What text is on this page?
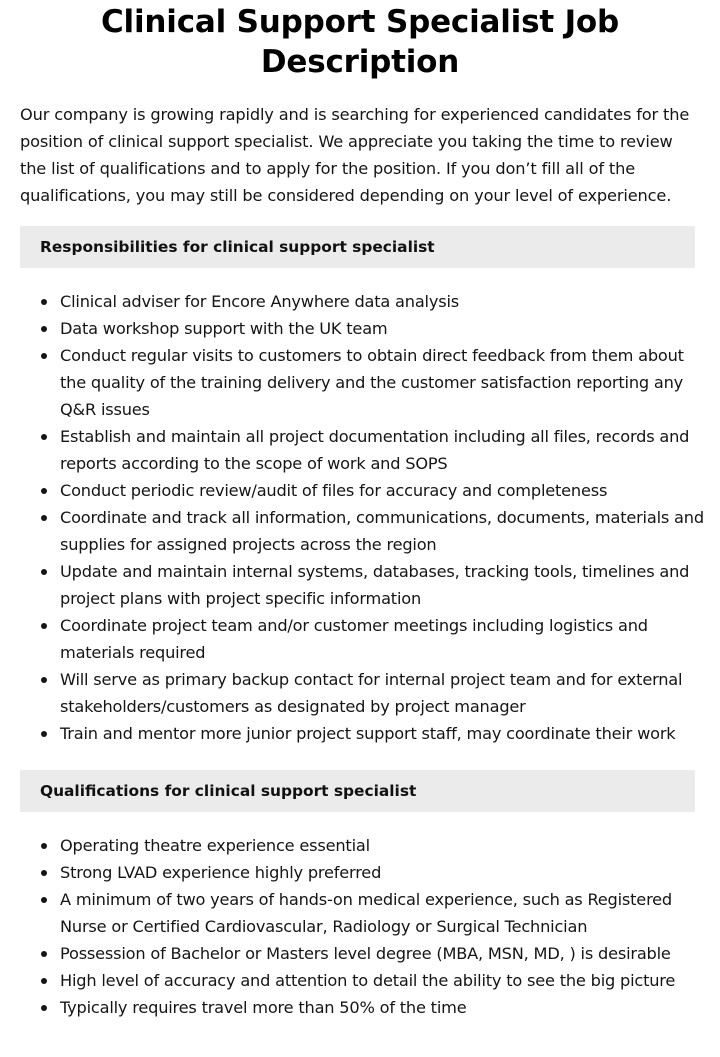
Clinical Support Specialist Job Description

Our company is growing rapidly and is searching for experienced candidates for the position of clinical support specialist. We appreciate you taking the time to review the list of qualifications and to apply for the position. If you don’t fill all of the qualifications, you may still be considered depending on your level of experience.

Responsibilities for clinical support specialist
Clinical adviser for Encore Anywhere data analysis
Data workshop support with the UK team
Conduct regular visits to customers to obtain direct feedback from them about the quality of the training delivery and the customer satisfaction reporting any Q&R issues
Establish and maintain all project documentation including all files, records and reports according to the scope of work and SOPS
Conduct periodic review/audit of files for accuracy and completeness
Coordinate and track all information, communications, documents, materials and supplies for assigned projects across the region
Update and maintain internal systems, databases, tracking tools, timelines and project plans with project specific information
Coordinate project team and/or customer meetings including logistics and materials required
Will serve as primary backup contact for internal project team and for external stakeholders/customers as designated by project manager
Train and mentor more junior project support staff, may coordinate their work
Qualifications for clinical support specialist
Operating theatre experience essential
Strong LVAD experience highly preferred
A minimum of two years of hands-on medical experience, such as Registered Nurse or Certified Cardiovascular, Radiology or Surgical Technician
Possession of Bachelor or Masters level degree (MBA, MSN, MD, ) is desirable
High level of accuracy and attention to detail the ability to see the big picture
Typically requires travel more than 50% of the time
